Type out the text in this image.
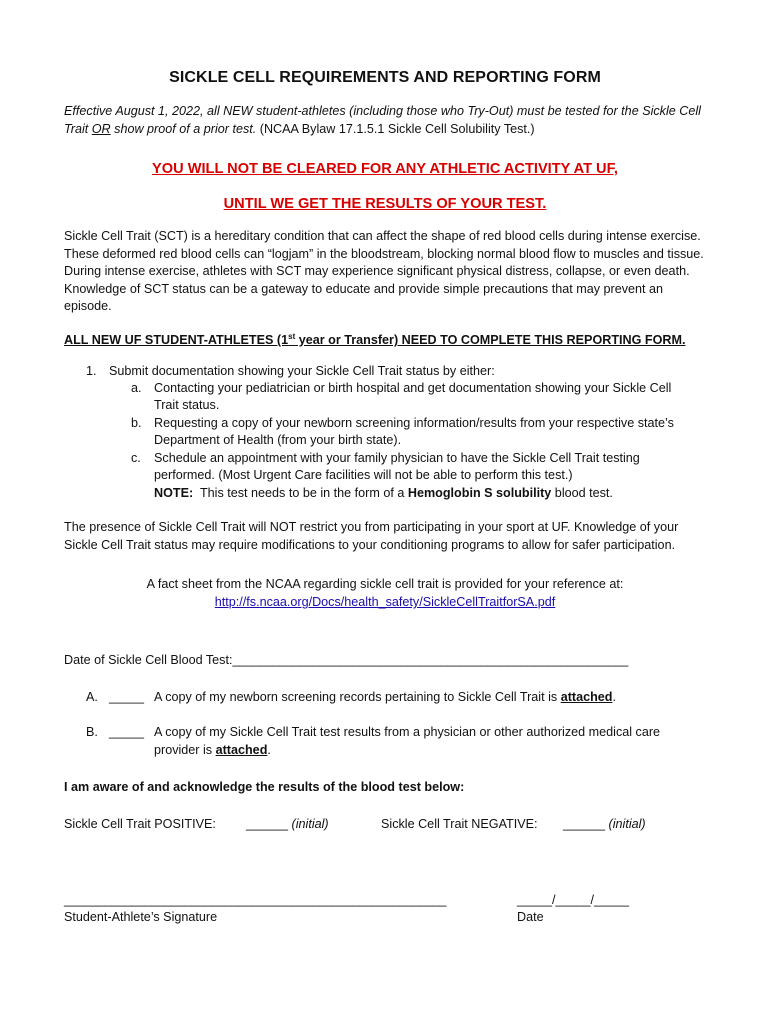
SICKLE CELL REQUIREMENTS AND REPORTING FORM
Effective August 1, 2022, all NEW student-athletes (including those who Try-Out) must be tested for the Sickle Cell Trait OR show proof of a prior test. (NCAA Bylaw 17.1.5.1 Sickle Cell Solubility Test.)
YOU WILL NOT BE CLEARED FOR ANY ATHLETIC ACTIVITY AT UF,
UNTIL WE GET THE RESULTS OF YOUR TEST.
Sickle Cell Trait (SCT) is a hereditary condition that can affect the shape of red blood cells during intense exercise. These deformed red blood cells can “logjam” in the bloodstream, blocking normal blood flow to muscles and tissue. During intense exercise, athletes with SCT may experience significant physical distress, collapse, or even death. Knowledge of SCT status can be a gateway to educate and provide simple precautions that may prevent an episode.
ALL NEW UF STUDENT-ATHLETES (1st year or Transfer) NEED TO COMPLETE THIS REPORTING FORM.
1. Submit documentation showing your Sickle Cell Trait status by either:
a. Contacting your pediatrician or birth hospital and get documentation showing your Sickle Cell
Trait status.
b. Requesting a copy of your newborn screening information/results from your respective state’s
Department of Health (from your birth state).
c. Schedule an appointment with your family physician to have the Sickle Cell Trait testing
performed. (Most Urgent Care facilities will not be able to perform this test.)
NOTE:  This test needs to be in the form of a Hemoglobin S solubility blood test.
The presence of Sickle Cell Trait will NOT restrict you from participating in your sport at UF. Knowledge of your Sickle Cell Trait status may require modifications to your conditioning programs to allow for safer participation.
A fact sheet from the NCAA regarding sickle cell trait is provided for your reference at:
http://fs.ncaa.org/Docs/health_safety/SickleCellTraitforSA.pdf
Date of Sickle Cell Blood Test:___________________________________________________________
A. _____ A copy of my newborn screening records pertaining to Sickle Cell Trait is attached.
B. _____ A copy of my Sickle Cell Trait test results from a physician or other authorized medical care
provider is attached.
I am aware of and acknowledge the results of the blood test below:
Sickle Cell Trait POSITIVE: ______ (initial)	Sickle Cell Trait NEGATIVE: ______ (initial)
_________________________________________________________
Student-Athlete’s Signature
_____/_____/_____
Date
